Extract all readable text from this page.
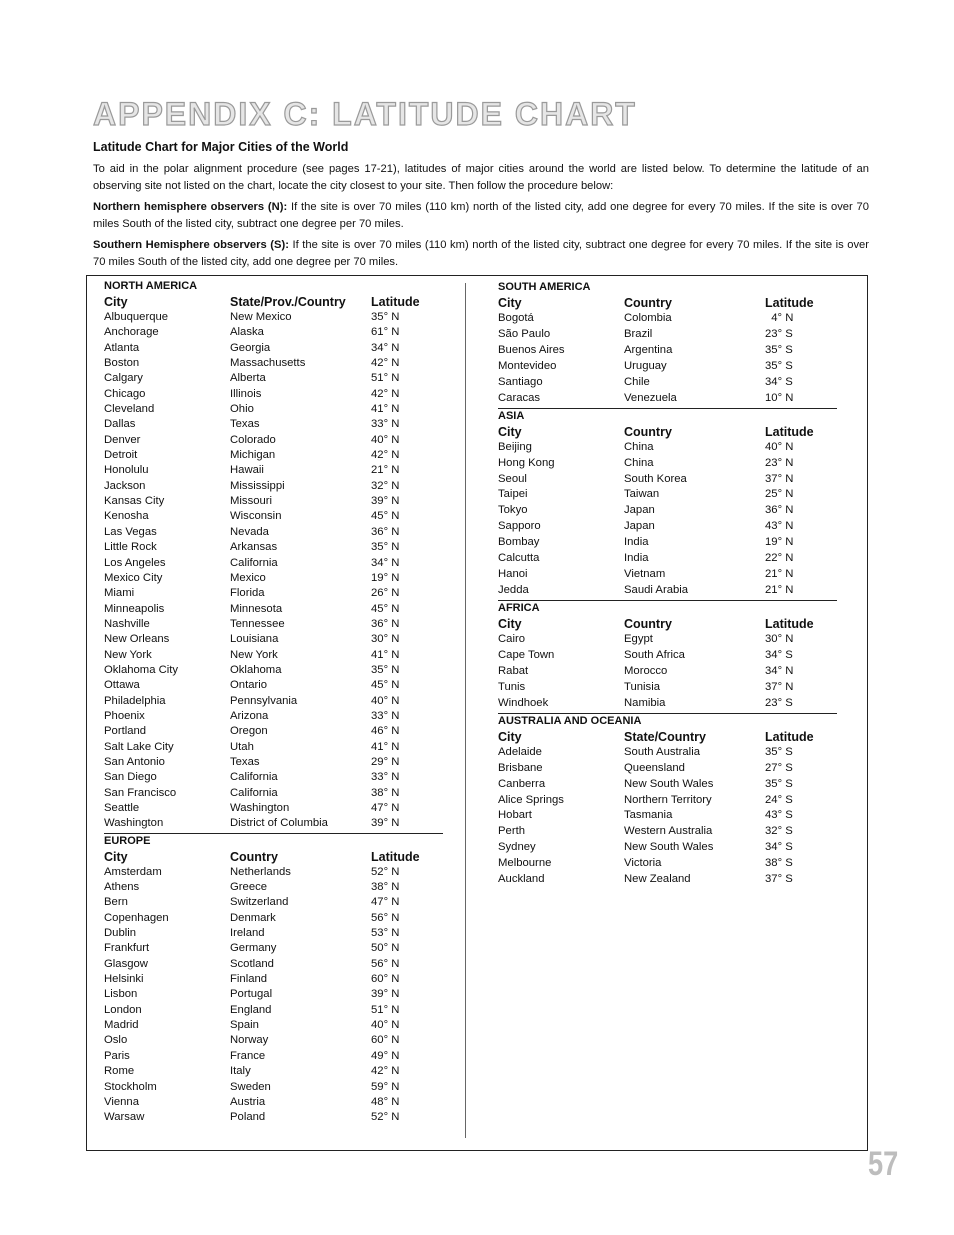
APPENDIX C: LATITUDE CHART
Latitude Chart for Major Cities of the World
To aid in the polar alignment procedure (see pages 17-21), latitudes of major cities around the world are listed below. To determine the latitude of an observing site not listed on the chart, locate the city closest to your site. Then follow the procedure below:
Northern hemisphere observers (N): If the site is over 70 miles (110 km) north of the listed city, add one degree for every 70 miles. If the site is over 70 miles South of the listed city, subtract one degree per 70 miles.
Southern Hemisphere observers (S): If the site is over 70 miles (110 km) north of the listed city, subtract one degree for every 70 miles. If the site is over 70 miles South of the listed city, add one degree per 70 miles.
NORTH AMERICA
City	State/Prov./Country	Latitude
Albuquerque	New Mexico	35° N
Anchorage	Alaska	61° N
Atlanta	Georgia	34° N
Boston	Massachusetts	42° N
Calgary	Alberta	51° N
Chicago	Illinois	42° N
Cleveland	Ohio	41° N
Dallas	Texas	33° N
Denver	Colorado	40° N
Detroit	Michigan	42° N
Honolulu	Hawaii	21° N
Jackson	Mississippi	32° N
Kansas City	Missouri	39° N
Kenosha	Wisconsin	45° N
Las Vegas	Nevada	36° N
Little Rock	Arkansas	35° N
Los Angeles	California	34° N
Mexico City	Mexico	19° N
Miami	Florida	26° N
Minneapolis	Minnesota	45° N
Nashville	Tennessee	36° N
New Orleans	Louisiana	30° N
New York	New York	41° N
Oklahoma City	Oklahoma	35° N
Ottawa	Ontario	45° N
Philadelphia	Pennsylvania	40° N
Phoenix	Arizona	33° N
Portland	Oregon	46° N
Salt Lake City	Utah	41° N
San Antonio	Texas	29° N
San Diego	California	33° N
San Francisco	California	38° N
Seattle	Washington	47° N
Washington	District of Columbia	39° N
EUROPE
City	Country	Latitude
Amsterdam	Netherlands	52° N
Athens	Greece	38° N
Bern	Switzerland	47° N
Copenhagen	Denmark	56° N
Dublin	Ireland	53° N
Frankfurt	Germany	50° N
Glasgow	Scotland	56° N
Helsinki	Finland	60° N
Lisbon	Portugal	39° N
London	England	51° N
Madrid	Spain	40° N
Oslo	Norway	60° N
Paris	France	49° N
Rome	Italy	42° N
Stockholm	Sweden	59° N
Vienna	Austria	48° N
Warsaw	Poland	52° N
SOUTH AMERICA
City	Country	Latitude
Bogotá	Colombia	4° N
São Paulo	Brazil	23° S
Buenos Aires	Argentina	35° S
Montevideo	Uruguay	35° S
Santiago	Chile	34° S
Caracas	Venezuela	10° N
ASIA
City	Country	Latitude
Beijing	China	40° N
Hong Kong	China	23° N
Seoul	South Korea	37° N
Taipei	Taiwan	25° N
Tokyo	Japan	36° N
Sapporo	Japan	43° N
Bombay	India	19° N
Calcutta	India	22° N
Hanoi	Vietnam	21° N
Jedda	Saudi Arabia	21° N
AFRICA
City	Country	Latitude
Cairo	Egypt	30° N
Cape Town	South Africa	34° S
Rabat	Morocco	34° N
Tunis	Tunisia	37° N
Windhoek	Namibia	23° S
AUSTRALIA AND OCEANIA
City	State/Country	Latitude
Adelaide	South Australia	35° S
Brisbane	Queensland	27° S
Canberra	New South Wales	35° S
Alice Springs	Northern Territory	24° S
Hobart	Tasmania	43° S
Perth	Western Australia	32° S
Sydney	New South Wales	34° S
Melbourne	Victoria	38° S
Auckland	New Zealand	37° S
57
